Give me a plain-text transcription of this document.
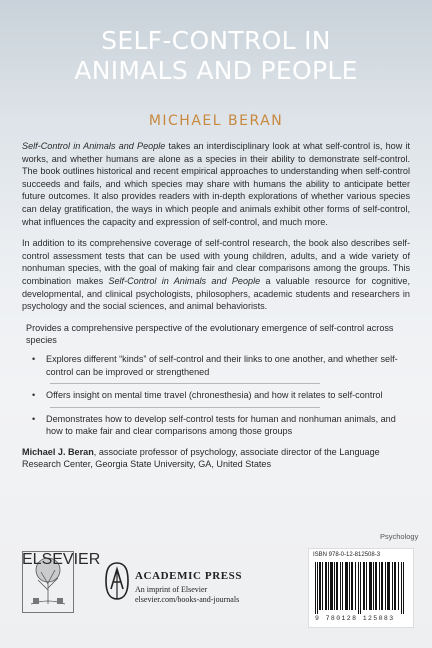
SELF-CONTROL IN
ANIMALS AND PEOPLE
MICHAEL BERAN

Self-Control in Animals and People takes an interdisciplinary look at what self-control is, how it works, and whether humans are alone as a species in their ability to demonstrate self-control. The book outlines historical and recent empirical approaches to understanding when self-control succeeds and fails, and which species may share with humans the ability to anticipate better future outcomes. It also provides readers with in-depth explorations of whether various species can delay gratification, the ways in which people and animals exhibit other forms of self-control, what influences the capacity and expression of self-control, and much more.

In addition to its comprehensive coverage of self-control research, the book also describes self-control assessment tests that can be used with young children, adults, and a wide variety of nonhuman species, with the goal of making fair and clear comparisons among the groups. This combination makes Self-Control in Animals and People a valuable resource for cognitive, developmental, and clinical psychologists, philosophers, academic students and researchers in psychology and the social sciences, and animal behaviorists.

Provides a comprehensive perspective of the evolutionary emergence of self-control across species
• Explores different “kinds” of self-control and their links to one another, and whether self-control can be improved or strengthened
• Offers insight on mental time travel (chronesthesia) and how it relates to self-control
• Demonstrates how to develop self-control tests for human and nonhuman animals, and how to make fair and clear comparisons among those groups
Michael J. Beran, associate professor of psychology, associate director of the Language Research Center, Georgia State University, GA, United States
Psychology
ISBN 978-0-12-812508-3
9 780128 125083
ELSEVIER
ACADEMIC PRESS
An imprint of Elsevier
elsevier.com/books-and-journals
